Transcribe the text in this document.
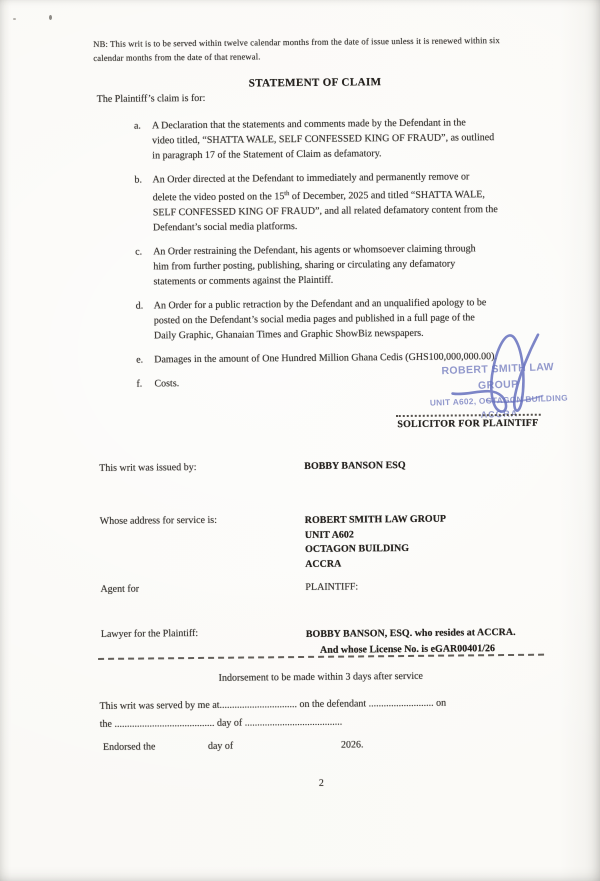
NB: This writ is to be served within twelve calendar months from the date of issue unless it is renewed within six
calendar months from the date of that renewal.
STATEMENT OF CLAIM
The Plaintiff’s claim is for:
a. A Declaration that the statements and comments made by the Defendant in the
video titled, “SHATTA WALE, SELF CONFESSED KING OF FRAUD”, as outlined
in paragraph 17 of the Statement of Claim as defamatory.
b. An Order directed at the Defendant to immediately and permanently remove or
delete the video posted on the 15th of December, 2025 and titled “SHATTA WALE,
SELF CONFESSED KING OF FRAUD”, and all related defamatory content from the
Defendant’s social media platforms.
c. An Order restraining the Defendant, his agents or whomsoever claiming through
him from further posting, publishing, sharing or circulating any defamatory
statements or comments against the Plaintiff.
d. An Order for a public retraction by the Defendant and an unqualified apology to be
posted on the Defendant’s social media pages and published in a full page of the
Daily Graphic, Ghanaian Times and Graphic ShowBiz newspapers.
e. Damages in the amount of One Hundred Million Ghana Cedis (GHS100,000,000.00).
f. Costs.
ROBERT SMITH LAW GROUP
UNIT A602, OCTAGON BUILDING
ACCRA
SOLICITOR FOR PLAINTIFF
This writ was issued by:	BOBBY BANSON ESQ
Whose address for service is:	ROBERT SMITH LAW GROUP
UNIT A602
OCTAGON BUILDING
ACCRA
Agent for	PLAINTIFF:
Lawyer for the Plaintiff:	BOBBY BANSON, ESQ. who resides at ACCRA.
And whose License No. is eGAR00401/26
Indorsement to be made within 3 days after service
This writ was served by me at............................... on the defendant .......................... on
the ........................................ day of .......................................
Endorsed the	day of	2026.
2
